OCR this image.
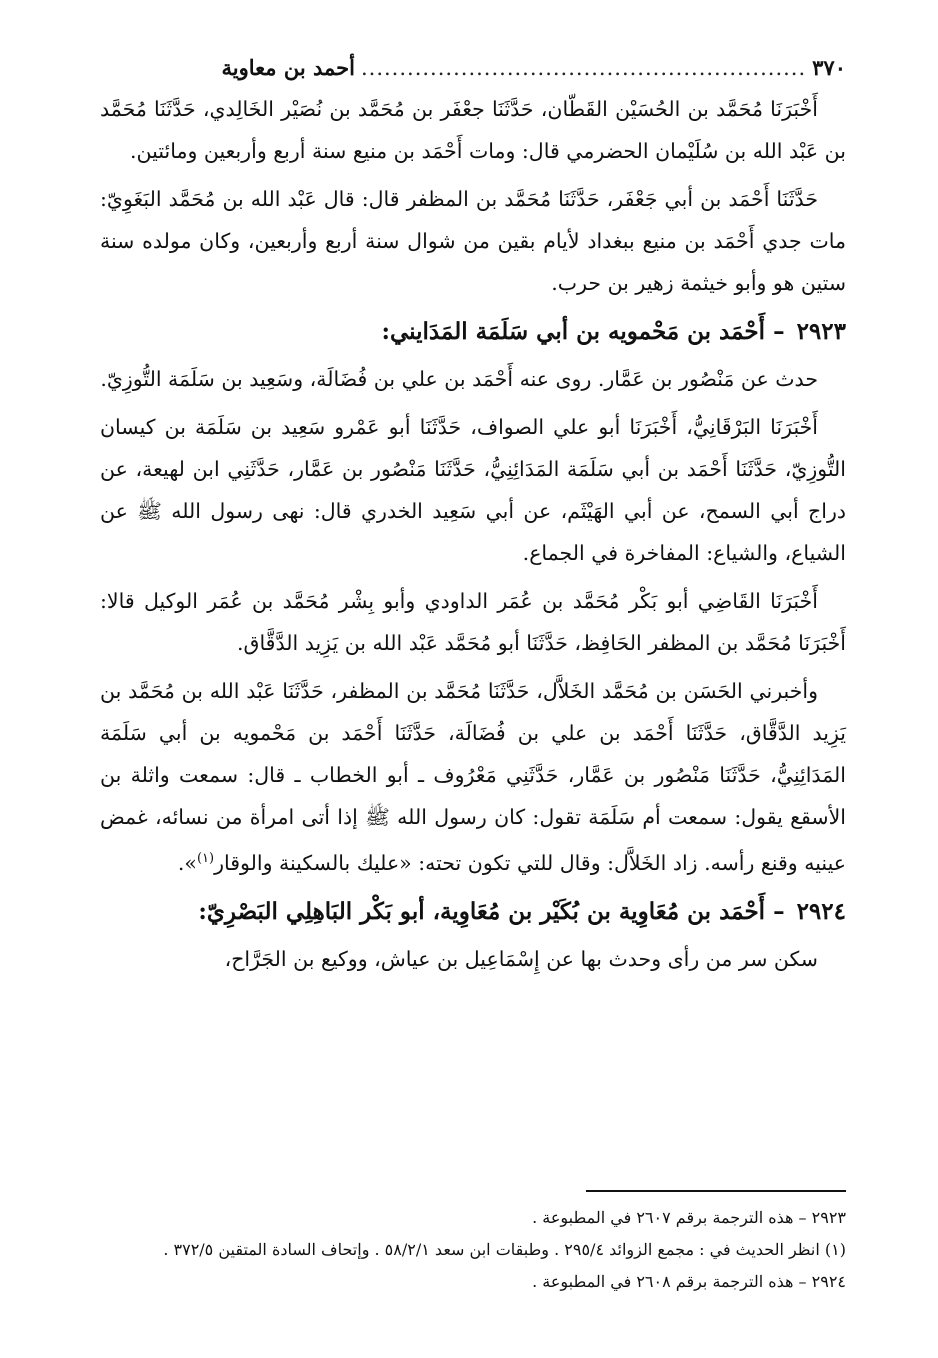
٣٧٠
..........................................................
أحمد بن معاوية

أَخْبَرَنَا مُحَمَّد بن الحُسَيْن القَطّان، حَدَّثَنَا جعْفَر بن مُحَمَّد بن نُصَيْر الخَالِدي، حَدَّثَنَا مُحَمَّد بن عَبْد الله بن سُلَيْمان الحضرمي قال: ومات أَحْمَد بن منيع سنة أربع وأربعين ومائتين.

حَدَّثَنَا أَحْمَد بن أبي جَعْفَر، حَدَّثَنَا مُحَمَّد بن المظفر قال: قال عَبْد الله بن مُحَمَّد البَغَوِيّ: مات جدي أَحْمَد بن منيع ببغداد لأيام بقين من شوال سنة أربع وأربعين، وكان مولده سنة ستين هو وأبو خيثمة زهير بن حرب.

٢٩٢٣ – أَحْمَد بن مَحْمويه بن أبي سَلَمَة المَدَايني:

حدث عن مَنْصُور بن عَمَّار. روى عنه أَحْمَد بن علي بن فُضَالَة، وسَعِيد بن سَلَمَة التُّوزِيّ.

أَخْبَرَنَا البَرْقَانِيُّ، أَخْبَرَنَا أبو علي الصواف، حَدَّثَنَا أبو عَمْرو سَعِيد بن سَلَمَة بن كيسان التُّوزِيّ، حَدَّثَنَا أَحْمَد بن أبي سَلَمَة المَدَائِنِيُّ، حَدَّثَنَا مَنْصُور بن عَمَّار، حَدَّثَنِي ابن لهيعة، عن دراج أبي السمح، عن أبي الهَيْثَم، عن أبي سَعِيد الخدري قال: نهى رسول الله ﷺ عن الشياع، والشياع: المفاخرة في الجماع.

أَخْبَرَنَا القَاضِي أبو بَكْر مُحَمَّد بن عُمَر الداودي وأبو بِشْر مُحَمَّد بن عُمَر الوكيل قالا: أَخْبَرَنَا مُحَمَّد بن المظفر الحَافِظ، حَدَّثَنَا أبو مُحَمَّد عَبْد الله بن يَزِيد الدَّقَّاق.

وأخبرني الحَسَن بن مُحَمَّد الخَلاَّل، حَدَّثَنَا مُحَمَّد بن المظفر، حَدَّثَنَا عَبْد الله بن مُحَمَّد بن يَزِيد الدَّقَّاق، حَدَّثَنَا أَحْمَد بن علي بن فُضَالَة، حَدَّثَنَا أَحْمَد بن مَحْمويه بن أبي سَلَمَة المَدَائِنِيُّ، حَدَّثَنَا مَنْصُور بن عَمَّار، حَدَّثَنِي مَعْرُوف ـ أبو الخطاب ـ قال: سمعت واثلة بن الأسقع يقول: سمعت أم سَلَمَة تقول: كان رسول الله ﷺ إذا أتى امرأة من نسائه، غمض عينيه وقنع رأسه. زاد الخَلاَّل: وقال للتي تكون تحته: «عليك بالسكينة والوقار$^{(١)}$».

٢٩٢٤ – أَحْمَد بن مُعَاوِية بن بُكَيْر بن مُعَاوِية، أبو بَكْر البَاهِلِي البَصْرِيّ:

سكن سر من رأى وحدث بها عن إِسْمَاعِيل بن عياش، ووكيع بن الجَرَّاح،

٢٩٢٣ – هذه الترجمة برقم ٢٦٠٧ في المطبوعة .
(١) انظر الحديث في : مجمع الزوائد ٢٩٥/٤ . وطبقات ابن سعد ٥٨/٢/١ . وإتحاف السادة المتقين ٣٧٢/٥ .
٢٩٢٤ – هذه الترجمة برقم ٢٦٠٨ في المطبوعة .
